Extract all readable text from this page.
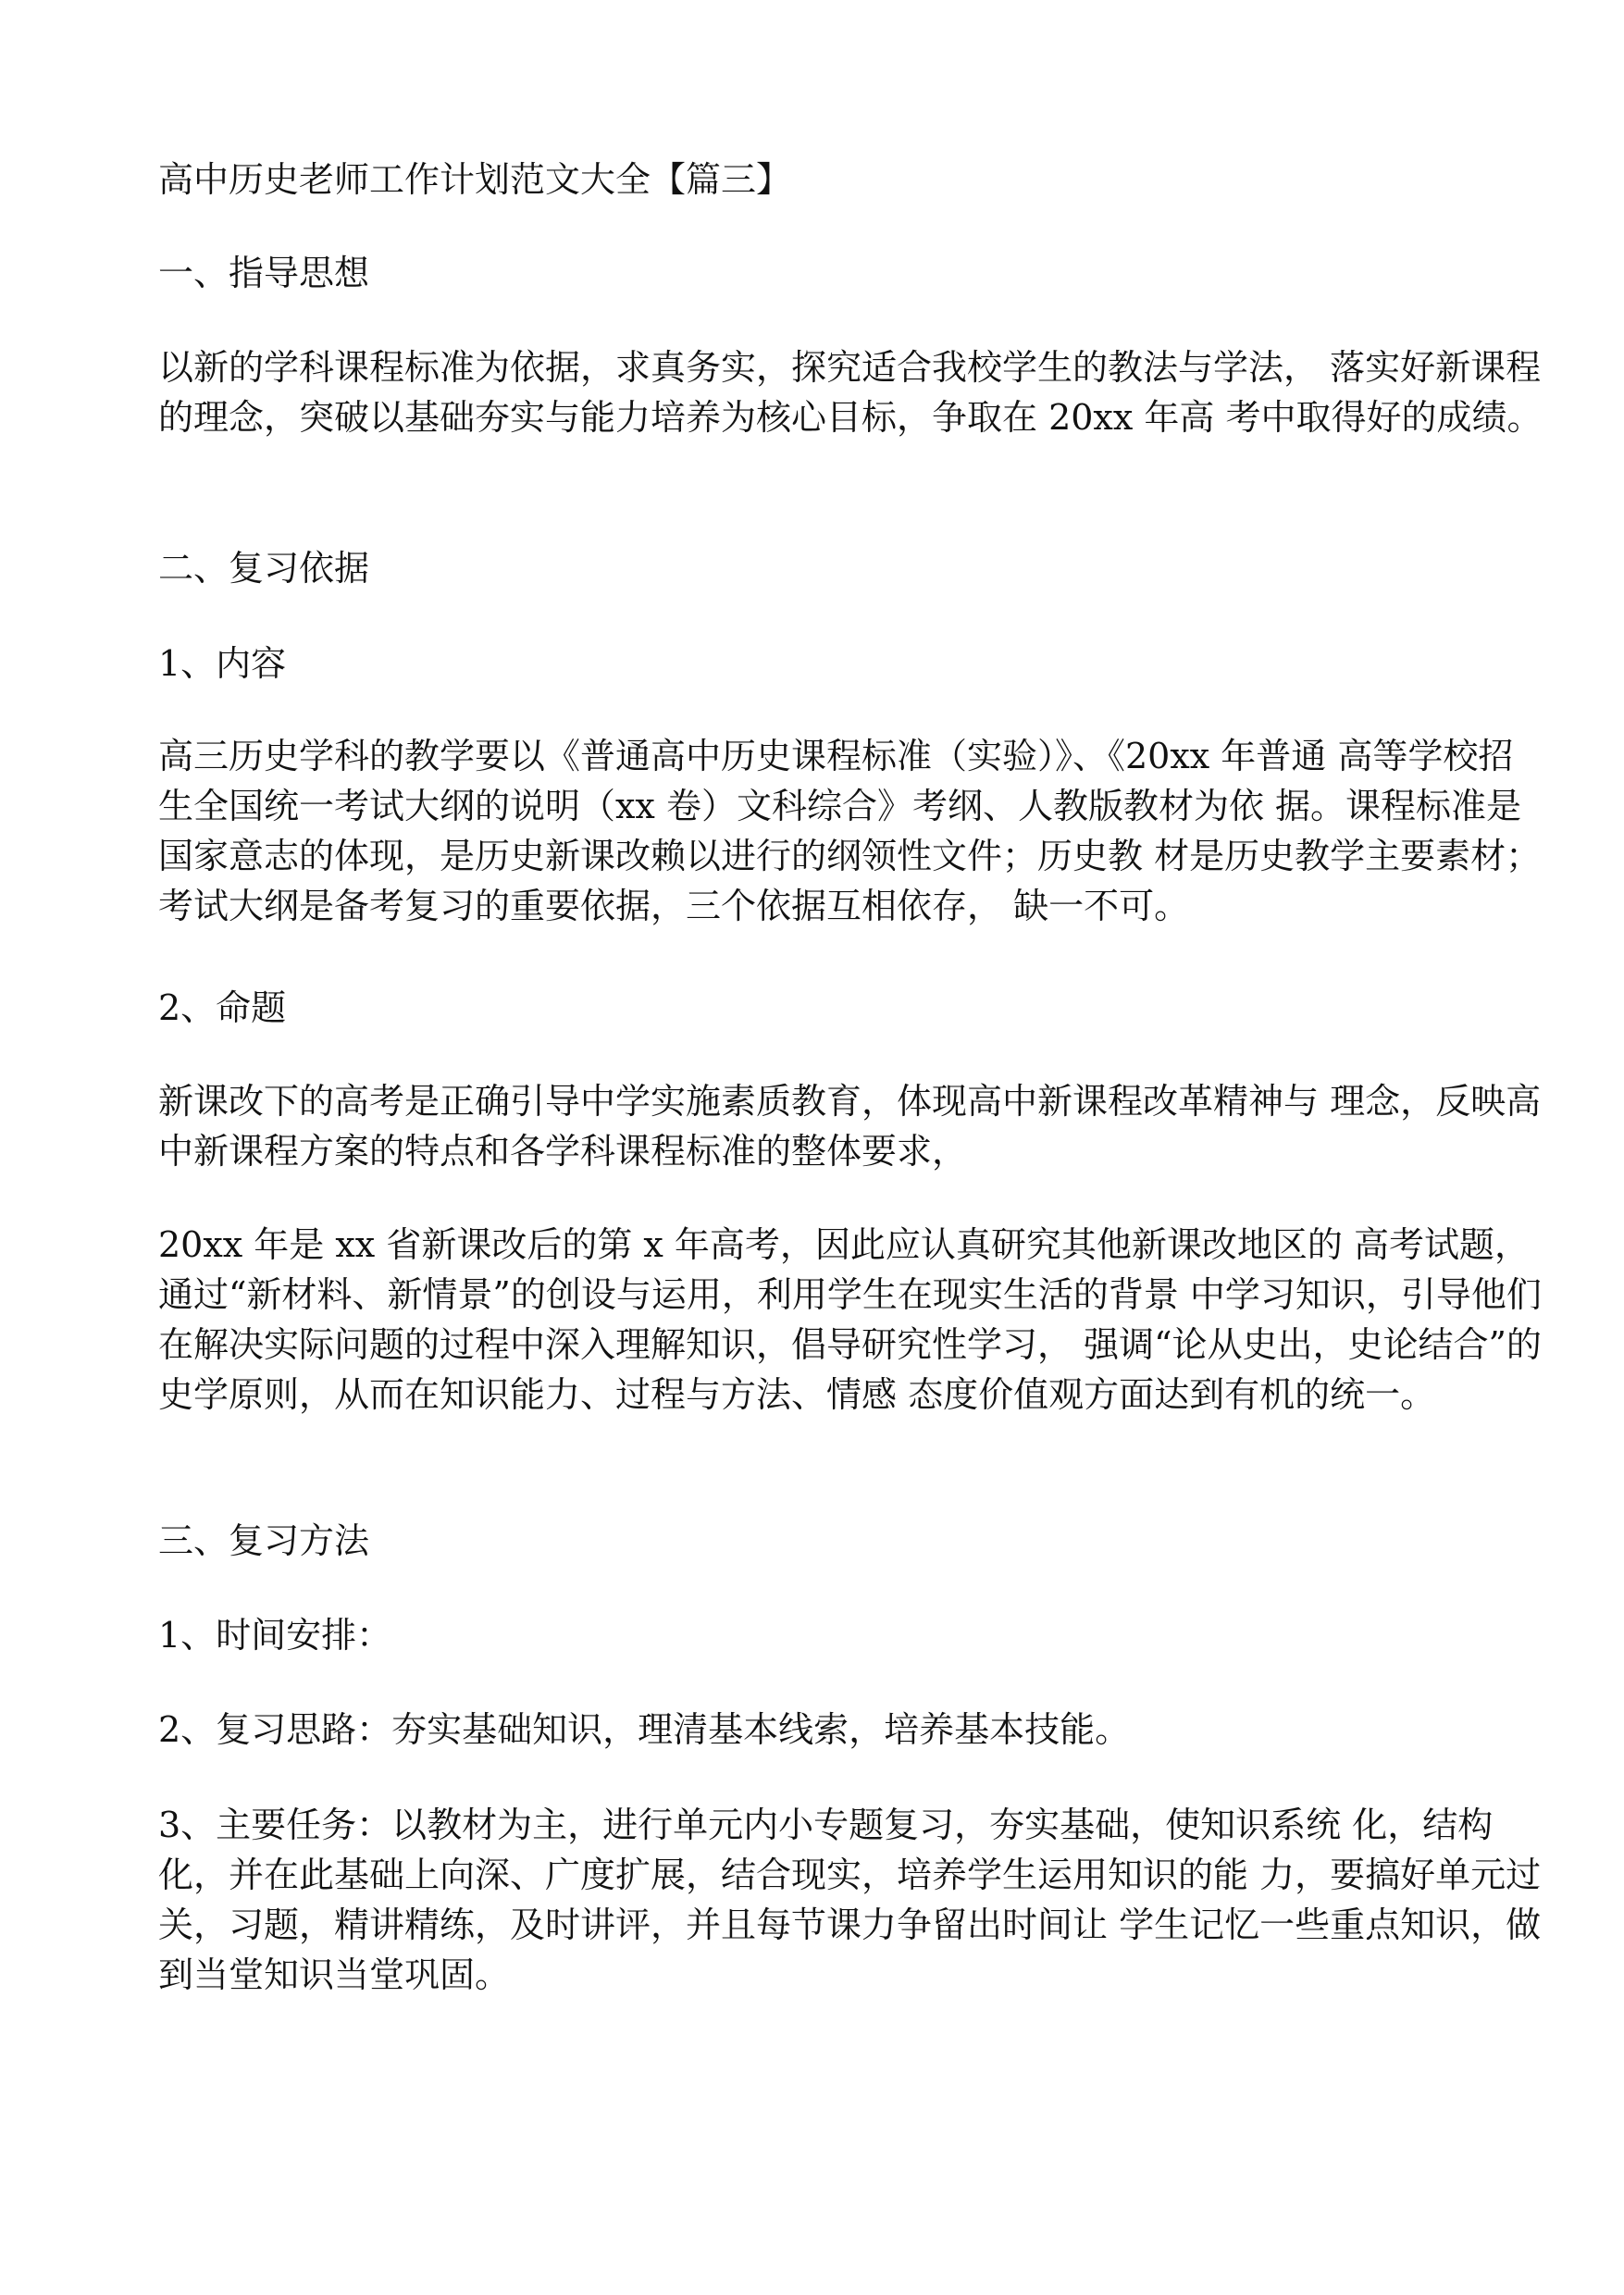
高中历史老师工作计划范文大全【篇三】

一、指导思想

以新的学科课程标准为依据，求真务实，探究适合我校学生的教法与学法， 落实好新课程的理念，突破以基础夯实与能力培养为核心目标，争取在 20xx 年高 考中取得好的成绩。

二、复习依据

1、内容

高三历史学科的教学要以《普通高中历史课程标准（实验）》、《20xx 年普通 高等学校招生全国统一考试大纲的说明（xx 卷）文科综合》考纲、人教版教材为依 据。课程标准是国家意志的体现，是历史新课改赖以进行的纲领性文件；历史教 材是历史教学主要素材；考试大纲是备考复习的重要依据，三个依据互相依存， 缺一不可。

2、命题

新课改下的高考是正确引导中学实施素质教育，体现高中新课程改革精神与 理念，反映高中新课程方案的特点和各学科课程标准的整体要求，

20xx 年是 xx 省新课改后的第 x 年高考，因此应认真研究其他新课改地区的 高考试题，通过“新材料、新情景”的创设与运用，利用学生在现实生活的背景 中学习知识，引导他们在解决实际问题的过程中深入理解知识，倡导研究性学习， 强调“论从史出，史论结合”的史学原则，从而在知识能力、过程与方法、情感 态度价值观方面达到有机的统一。

三、复习方法

1、时间安排：

2、复习思路：夯实基础知识，理清基本线索，培养基本技能。

3、主要任务：以教材为主，进行单元内小专题复习，夯实基础，使知识系统 化，结构化，并在此基础上向深、广度扩展，结合现实，培养学生运用知识的能 力，要搞好单元过关，习题，精讲精练，及时讲评，并且每节课力争留出时间让 学生记忆一些重点知识，做到当堂知识当堂巩固。
